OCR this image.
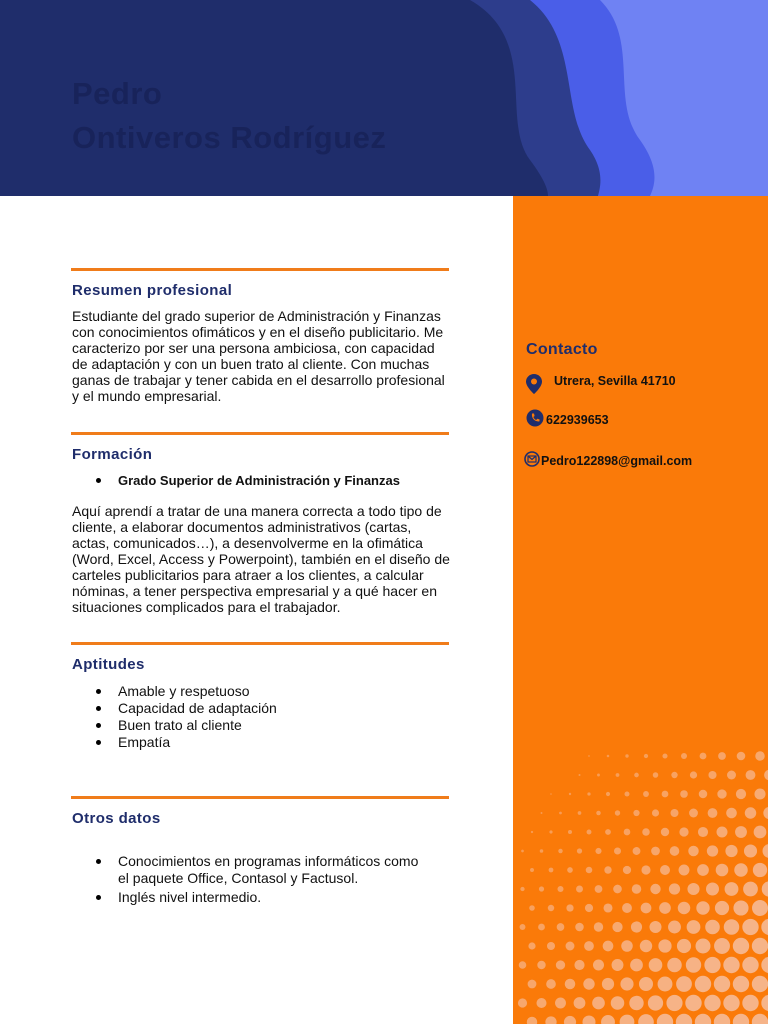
Pedro
Ontiveros Rodríguez
Contacto
Utrera, Sevilla 41710
622939653
Pedro122898@gmail.com
Resumen profesional

Estudiante del grado superior de Administración y Finanzas con conocimientos ofimáticos y en el diseño publicitario. Me caracterizo por ser una persona ambiciosa, con capacidad de adaptación y con un buen trato al cliente. Con muchas ganas de trabajar y tener cabida en el desarrollo profesional y el mundo empresarial.

Formación
Grado Superior de Administración y Finanzas

Aquí aprendí a tratar de una manera correcta a todo tipo de cliente, a elaborar documentos administrativos (cartas, actas, comunicados…), a desenvolverme en la ofimática (Word, Excel, Access y Powerpoint), también en el diseño de carteles publicitarios para atraer a los clientes, a calcular nóminas, a tener perspectiva empresarial y a qué hacer en situaciones complicados para el trabajador.

Aptitudes
Amable y respetuoso
Capacidad de adaptación
Buen trato al cliente
Empatía
Otros datos
Conocimientos en programas informáticos como el paquete Office, Contasol y Factusol.
Inglés nivel intermedio.
